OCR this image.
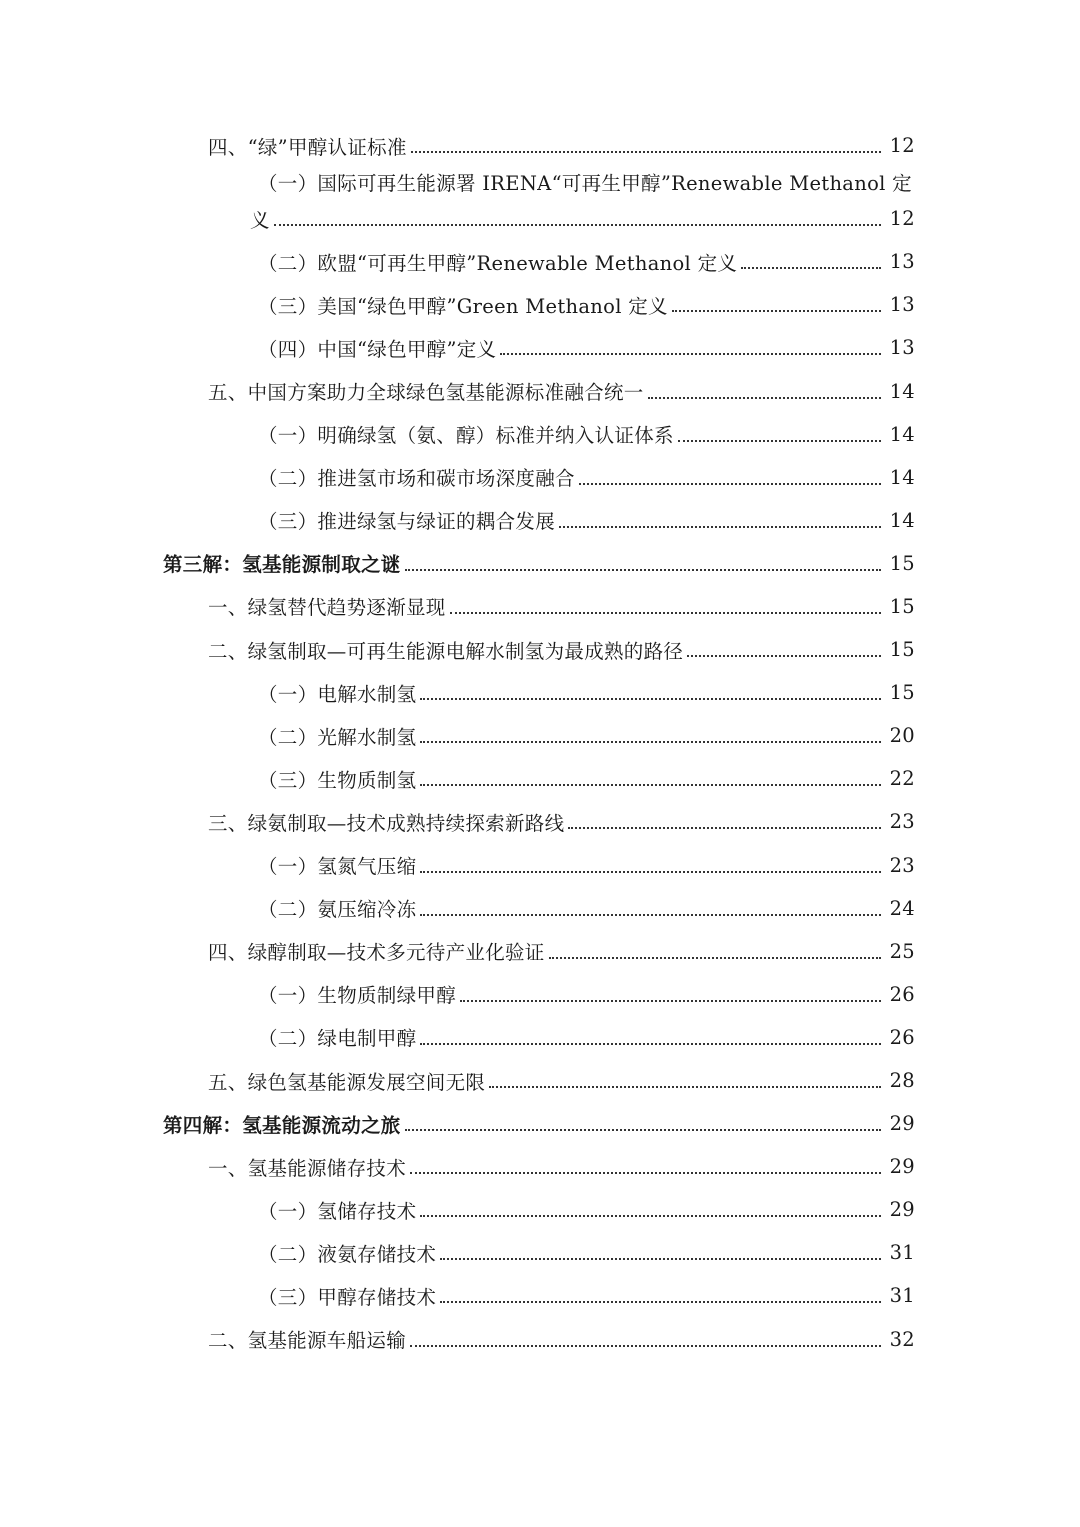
四、“绿”甲醇认证标准	12
（一）国际可再生能源署 IRENA“可再生甲醇”Renewable Methanol 定
义	12
（二）欧盟“可再生甲醇”Renewable Methanol 定义	13
（三）美国“绿色甲醇”Green Methanol 定义	13
（四）中国“绿色甲醇”定义	13
五、中国方案助力全球绿色氢基能源标准融合统一	14
（一）明确绿氢（氨、醇）标准并纳入认证体系	14
（二）推进氢市场和碳市场深度融合	14
（三）推进绿氢与绿证的耦合发展	14
第三解：氢基能源制取之谜	15
一、绿氢替代趋势逐渐显现	15
二、绿氢制取—可再生能源电解水制氢为最成熟的路径	15
（一）电解水制氢	15
（二）光解水制氢	20
（三）生物质制氢	22
三、绿氨制取—技术成熟持续探索新路线	23
（一）氢氮气压缩	23
（二）氨压缩冷冻	24
四、绿醇制取—技术多元待产业化验证	25
（一）生物质制绿甲醇	26
（二）绿电制甲醇	26
五、绿色氢基能源发展空间无限	28
第四解：氢基能源流动之旅	29
一、氢基能源储存技术	29
（一）氢储存技术	29
（二）液氨存储技术	31
（三）甲醇存储技术	31
二、氢基能源车船运输	32
